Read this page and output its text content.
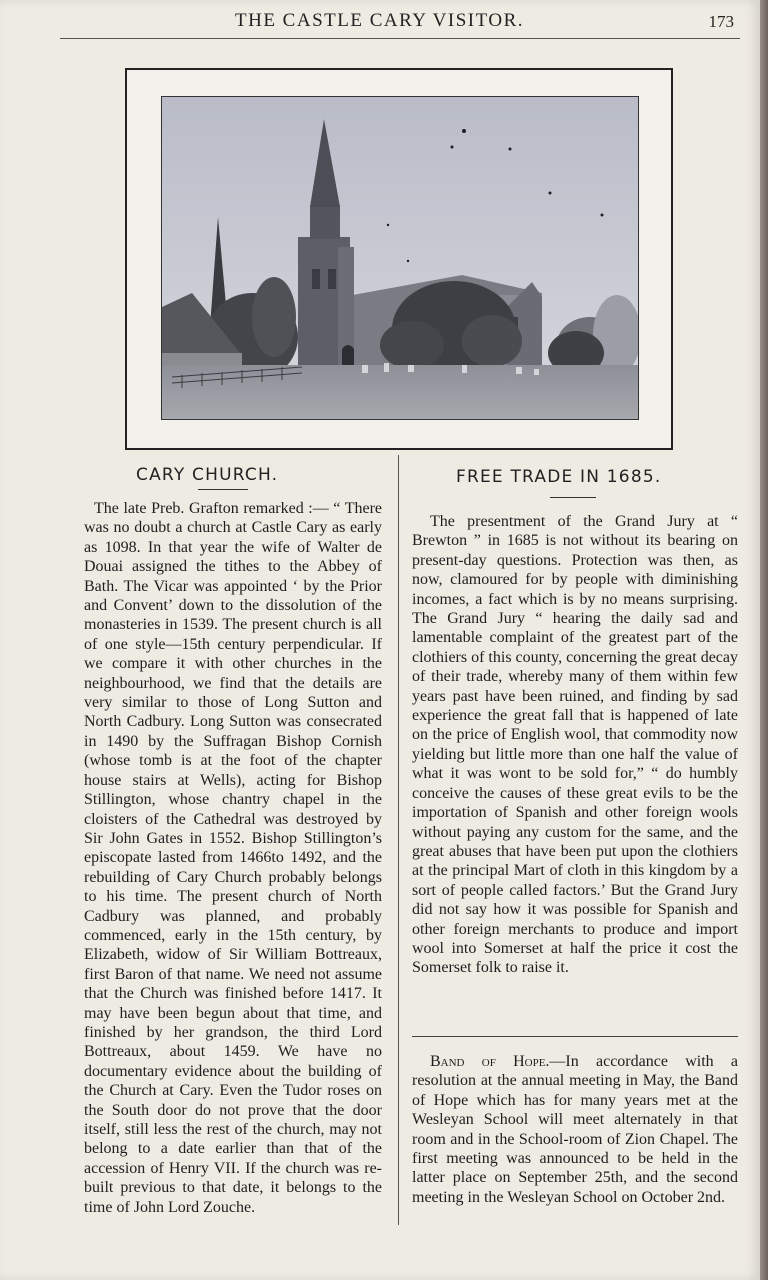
THE CASTLE CARY VISITOR.	173
CARY CHURCH.	FREE TRADE IN 1685.

The late Preb. Grafton remarked :— “ There was no doubt a church at Castle Cary as early as 1098. In that year the wife of Walter de Douai assigned the tithes to the Abbey of Bath. The Vicar was appointed ‘ by the Prior and Convent’ down to the dissolution of the monasteries in 1539. The present church is all of one style—15th century perpendicular. If we compare it with other churches in the neighbourhood, we find that the details are very similar to those of Long Sutton and North Cadbury. Long Sutton was consecrated in 1490 by the Suffragan Bishop Cornish (whose tomb is at the foot of the chapter house stairs at Wells), acting for Bishop Stillington, whose chantry chapel in the cloisters of the Cathedral was destroyed by Sir John Gates in 1552. Bishop Stillington’s episcopate lasted from 1466to 1492, and the rebuilding of Cary Church probably belongs to his time. The present church of North Cadbury was planned, and probably commenced, early in the 15th century, by Elizabeth, widow of Sir William Bottreaux, first Baron of that name. We need not assume that the Church was finished before 1417. It may have been begun about that time, and finished by her grandson, the third Lord Bottreaux, about 1459. We have no documentary evidence about the building of the Church at Cary. Even the Tudor roses on the South door do not prove that the door itself, still less the rest of the church, may not belong to a date earlier than that of the accession of Henry VII. If the church was re-built previous to that date, it belongs to the time of John Lord Zouche.

The presentment of the Grand Jury at “ Brewton ” in 1685 is not without its bearing on present-day questions. Protection was then, as now, clamoured for by people with diminishing incomes, a fact which is by no means surprising. The Grand Jury “ hearing the daily sad and lamentable complaint of the greatest part of the clothiers of this county, concerning the great decay of their trade, whereby many of them within few years past have been ruined, and finding by sad experience the great fall that is happened of late on the price of English wool, that commodity now yielding but little more than one half the value of what it was wont to be sold for,” “ do humbly conceive the causes of these great evils to be the importation of Spanish and other foreign wools without paying any custom for the same, and the great abuses that have been put upon the clothiers at the principal Mart of cloth in this kingdom by a sort of people called factors.’ But the Grand Jury did not say how it was possible for Spanish and other foreign merchants to produce and import wool into Somerset at half the price it cost the Somerset folk to raise it.

Band of Hope.—In accordance with a resolution at the annual meeting in May, the Band of Hope which has for many years met at the Wesleyan School will meet alternately in that room and in the School-room of Zion Chapel. The first meeting was announced to be held in the latter place on September 25th, and the second meeting in the Wesleyan School on October 2nd.
